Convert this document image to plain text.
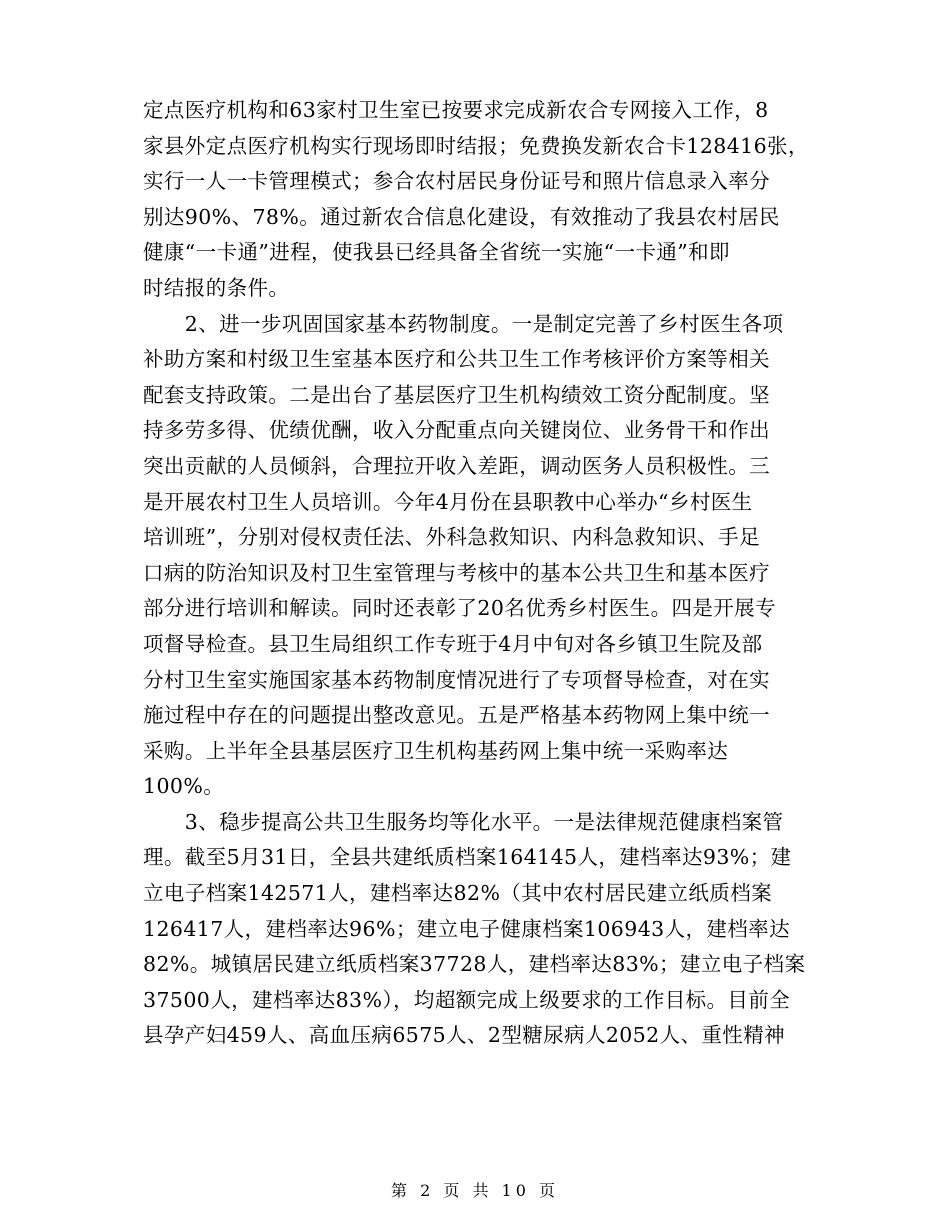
定点医疗机构和63家村卫生室已按要求完成新农合专网接入工作，8
家县外定点医疗机构实行现场即时结报；免费换发新农合卡128416张，
实行一人一卡管理模式；参合农村居民身份证号和照片信息录入率分
别达90%、78%。通过新农合信息化建设，有效推动了我县农村居民
健康“一卡通”进程，使我县已经具备全省统一实施“一卡通”和即
时结报的条件。
　　2、进一步巩固国家基本药物制度。一是制定完善了乡村医生各项
补助方案和村级卫生室基本医疗和公共卫生工作考核评价方案等相关
配套支持政策。二是出台了基层医疗卫生机构绩效工资分配制度。坚
持多劳多得、优绩优酬，收入分配重点向关键岗位、业务骨干和作出
突出贡献的人员倾斜，合理拉开收入差距，调动医务人员积极性。三
是开展农村卫生人员培训。今年4月份在县职教中心举办“乡村医生
培训班”，分别对侵权责任法、外科急救知识、内科急救知识、手足
口病的防治知识及村卫生室管理与考核中的基本公共卫生和基本医疗
部分进行培训和解读。同时还表彰了20名优秀乡村医生。四是开展专
项督导检查。县卫生局组织工作专班于4月中旬对各乡镇卫生院及部
分村卫生室实施国家基本药物制度情况进行了专项督导检查，对在实
施过程中存在的问题提出整改意见。五是严格基本药物网上集中统一
采购。上半年全县基层医疗卫生机构基药网上集中统一采购率达
100%。
　　3、稳步提高公共卫生服务均等化水平。一是法律规范健康档案管
理。截至5月31日，全县共建纸质档案164145人，建档率达93%；建
立电子档案142571人，建档率达82%（其中农村居民建立纸质档案
126417人，建档率达96%；建立电子健康档案106943人，建档率达
82%。城镇居民建立纸质档案37728人，建档率达83%；建立电子档案
37500人，建档率达83%），均超额完成上级要求的工作目标。目前全
县孕产妇459人、高血压病6575人、2型糖尿病人2052人、重性精神
第 2 页 共 10 页
